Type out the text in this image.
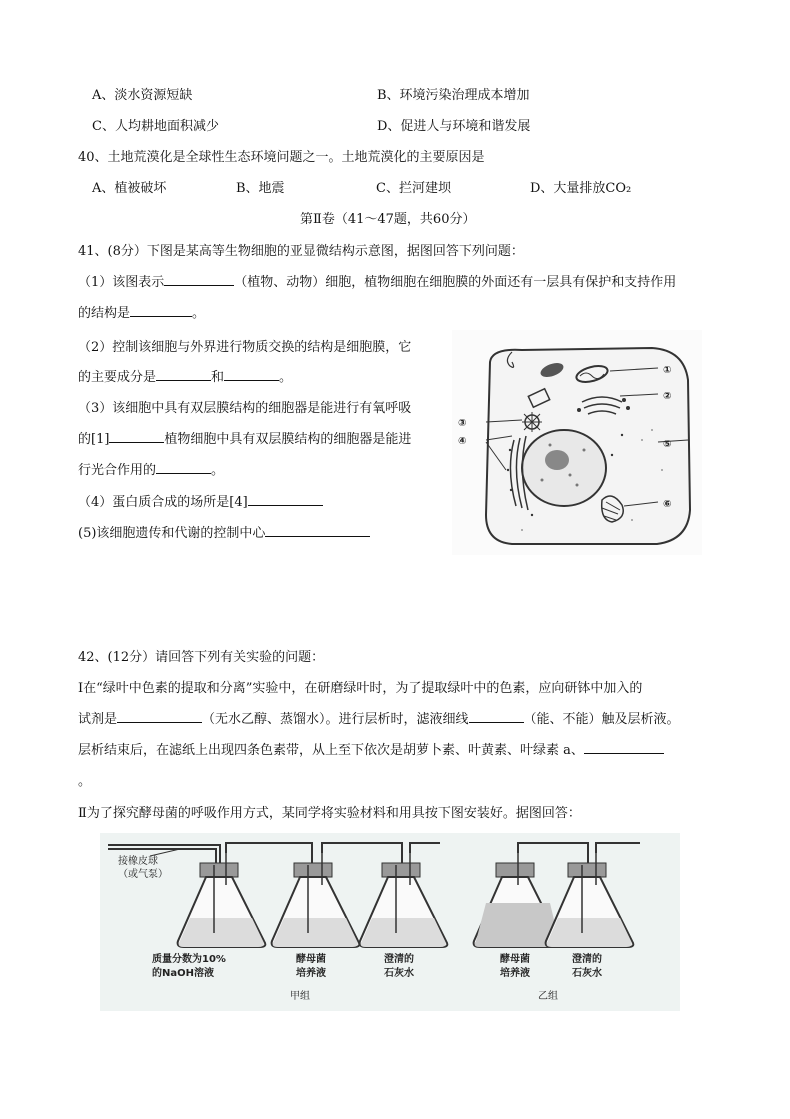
A、淡水资源短缺	B、环境污染治理成本增加
C、人均耕地面积减少	D、促进人与环境和谐发展
40、土地荒漠化是全球性生态环境问题之一。土地荒漠化的主要原因是
A、植被破坏	B、地震	C、拦河建坝	D、大量排放CO₂
第Ⅱ卷（41～47题，共60分）
41、(8分）下图是某高等生物细胞的亚显微结构示意图，据图回答下列问题：
（1）该图表示	（植物、动物）细胞，植物细胞在细胞膜的外面还有一层具有保护和支持作用
的结构是	。
（2）控制该细胞与外界进行物质交换的结构是细胞膜，它
的主要成分是	和	。
（3）该细胞中具有双层膜结构的细胞器是能进行有氧呼吸
的[1]	植物细胞中具有双层膜结构的细胞器是能进
行光合作用的	。
（4）蛋白质合成的场所是[4]
(5)该细胞遗传和代谢的控制中心
①
②
③
④	⑤
⑥
42、(12分）请回答下列有关实验的问题：
Ⅰ在“绿叶中色素的提取和分离”实验中，在研磨绿叶时，为了提取绿叶中的色素，应向研钵中加入的
试剂是	（无水乙醇、蒸馏水）。进行层析时，滤液细线	（能、不能）触及层析液。
层析结束后，在滤纸上出现四条色素带，从上至下依次是胡萝卜素、叶黄素、叶绿素 a、
。
Ⅱ为了探究酵母菌的呼吸作用方式，某同学将实验材料和用具按下图安装好。据图回答：
接橡皮球
（或气泵）
质量分数为10%
的NaOH溶液
酵母菌
培养液
澄清的
石灰水
酵母菌
培养液
澄清的
石灰水
甲组	乙组
